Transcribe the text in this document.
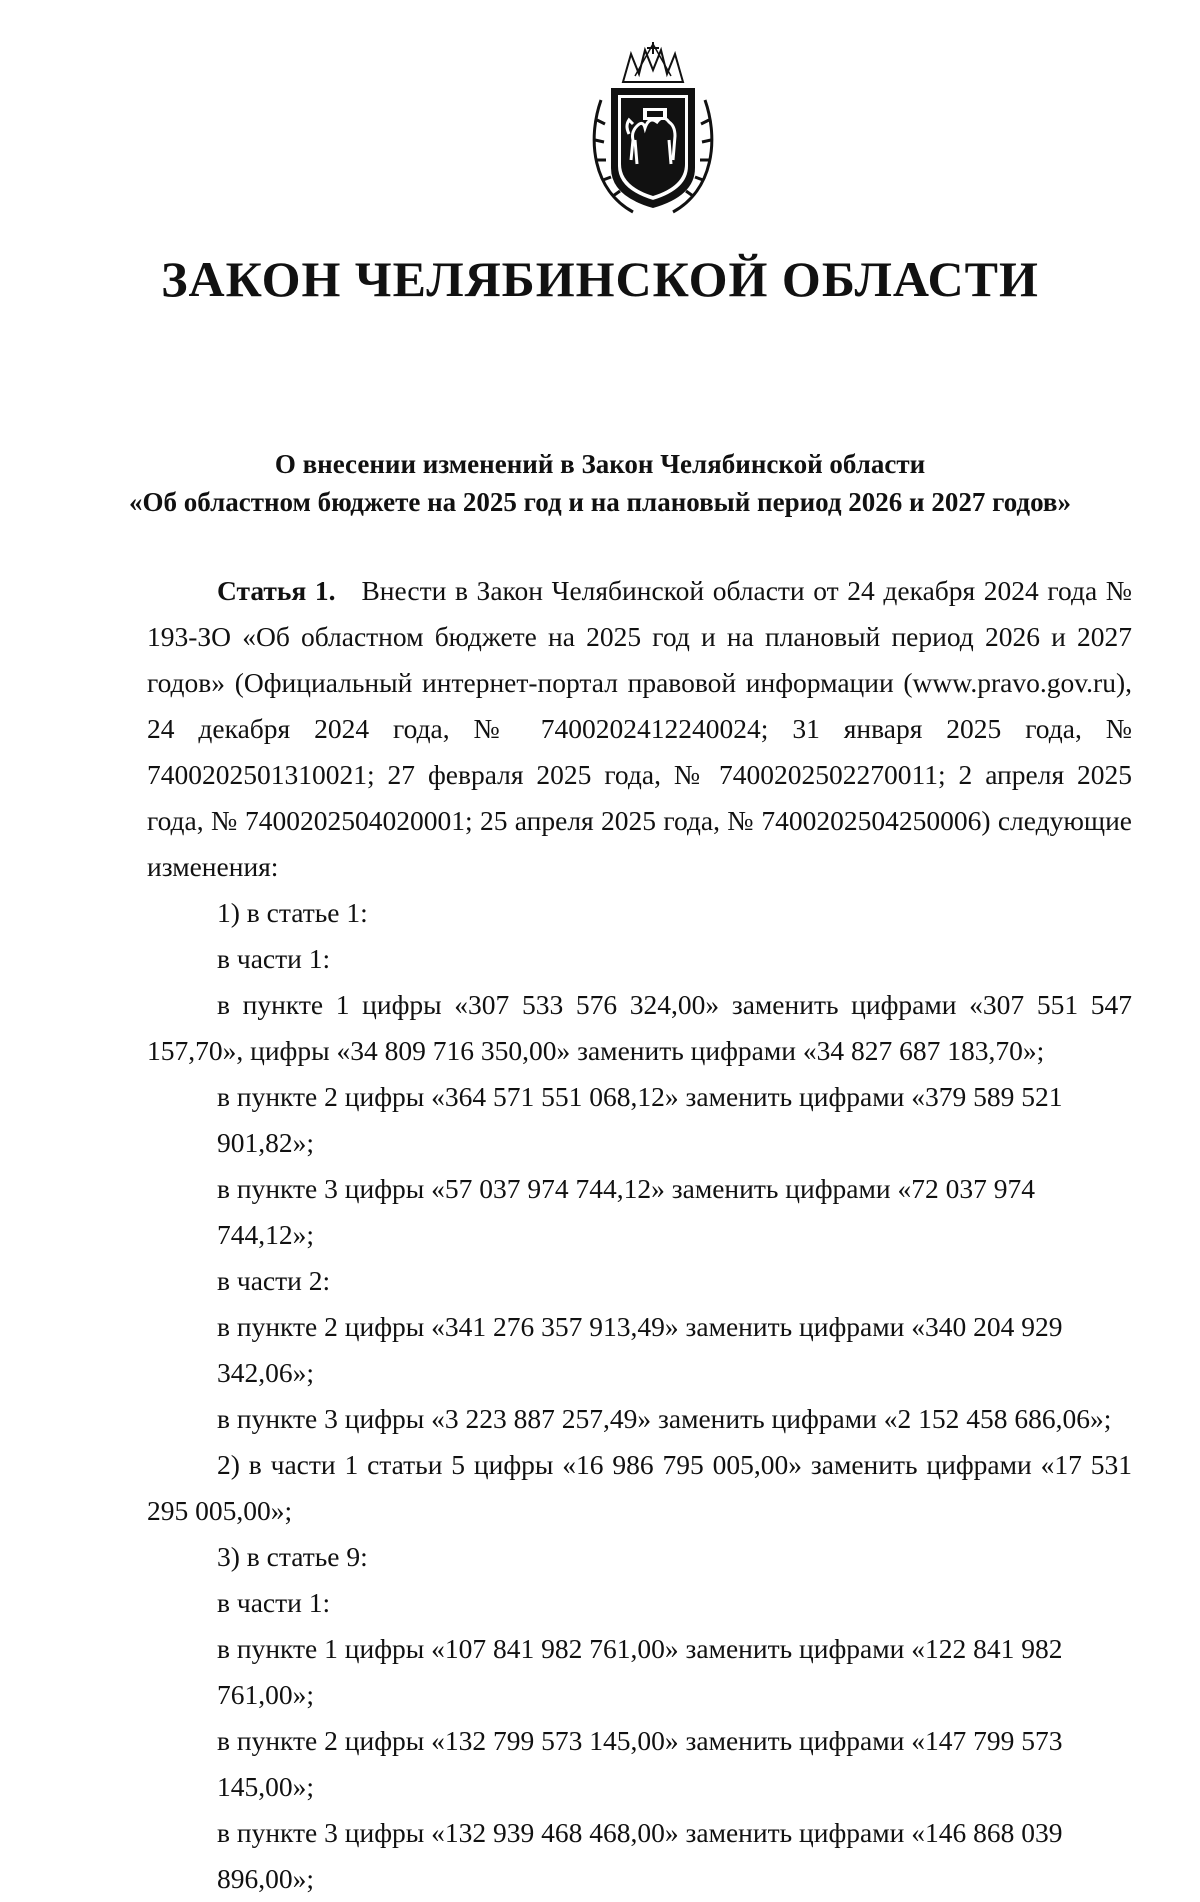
ЗАКОН ЧЕЛЯБИНСКОЙ ОБЛАСТИ
О внесении изменений в Закон Челябинской области
«Об областном бюджете на 2025 год и на плановый период 2026 и 2027 годов»

Статья 1. Внести в Закон Челябинской области от 24 декабря 2024 года № 193-ЗО «Об областном бюджете на 2025 год и на плановый период 2026 и 2027 годов» (Официальный интернет-портал правовой информации (www.pravo.gov.ru), 24 декабря 2024 года, № 7400202412240024; 31 января 2025 года, № 7400202501310021; 27 февраля 2025 года, № 7400202502270011; 2 апреля 2025 года, № 7400202504020001; 25 апреля 2025 года, № 7400202504250006) следующие изменения:

1) в статье 1:

в части 1:

в пункте 1 цифры «307 533 576 324,00» заменить цифрами «307 551 547 157,70», цифры «34 809 716 350,00» заменить цифрами «34 827 687 183,70»;

в пункте 2 цифры «364 571 551 068,12» заменить цифрами «379 589 521 901,82»;

в пункте 3 цифры «57 037 974 744,12» заменить цифрами «72 037 974 744,12»;

в части 2:

в пункте 2 цифры «341 276 357 913,49» заменить цифрами «340 204 929 342,06»;

в пункте 3 цифры «3 223 887 257,49» заменить цифрами «2 152 458 686,06»;

2) в части 1 статьи 5 цифры «16 986 795 005,00» заменить цифрами «17 531 295 005,00»;

3) в статье 9:

в части 1:

в пункте 1 цифры «107 841 982 761,00» заменить цифрами «122 841 982 761,00»;

в пункте 2 цифры «132 799 573 145,00» заменить цифрами «147 799 573 145,00»;

в пункте 3 цифры «132 939 468 468,00» заменить цифрами «146 868 039 896,00»;
